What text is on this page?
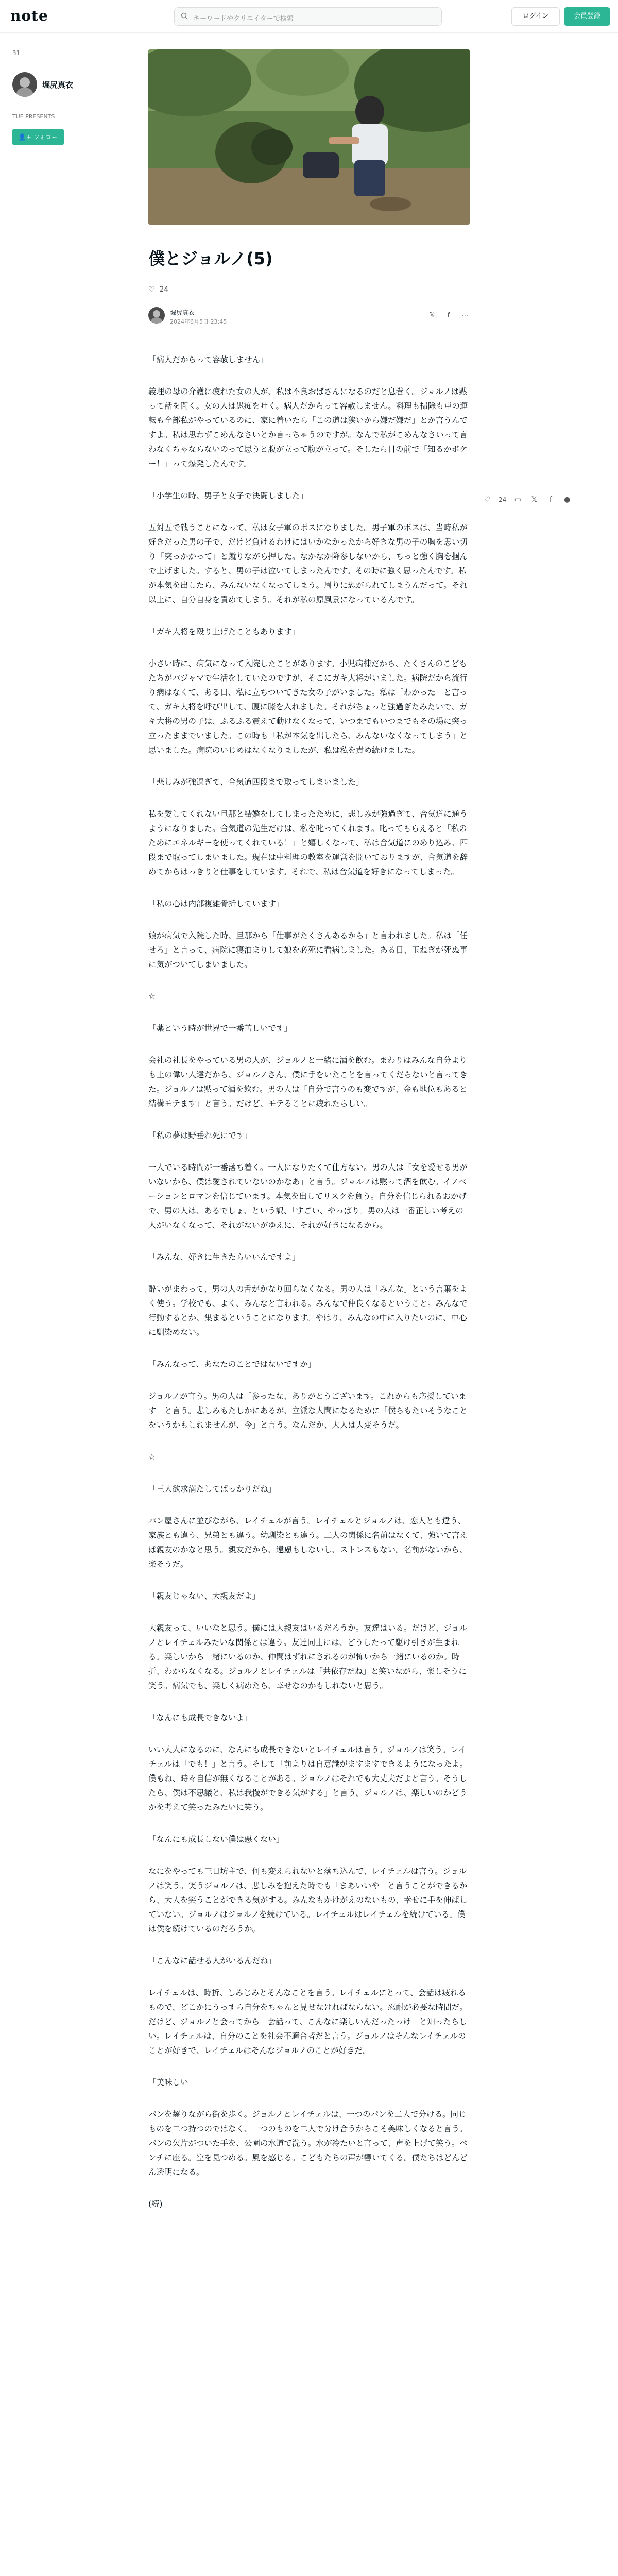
note	キーワードやクリエイターで検索	ログイン	会員登録
31
堀尻真衣
TUE PRESENTS
👤+ フォロー
僕とジョルノ(5)
♡ 24
堀尻真衣
2024年6月5日 23:45
𝕏	f	⋯
♡	24 ▭	𝕏	f	●

「病人だからって容赦しません」

義理の母の介護に疲れた女の人が、私は不良おばさんになるのだと息巻く。ジョルノは黙って話を聞く。女の人は愚痴を吐く。病人だからって容赦しません。料理も掃除も車の運転も全部私がやっているのに、家に着いたら「この道は狭いから嫌だ嫌だ」とか言うんですよ。私は思わずこめんなさいとか言っちゃうのですが。なんで私がこめんなさいって言わなくちゃならないのって思うと腹が立って腹が立って。そしたら目の前で「知るかボケー！」って爆発したんです。

「小学生の時、男子と女子で決闘しました」

五対五で戦うことになって、私は女子軍のボスになりました。男子軍のボスは、当時私が好きだった男の子で、だけど負けるわけにはいかなかったから好きな男の子の胸を思い切り「突っかかって」と蹴りながら押した。なかなか降参しないから、ちっと強く胸を掴んで上げました。すると、男の子は泣いてしまったんです。その時に強く思ったんです。私が本気を出したら、みんないなくなってしまう。周りに恐がられてしまうんだって。それ以上に、自分自身を責めてしまう。それが私の原風景になっているんです。

「ガキ大将を殴り上げたこともあります」

小さい時に、病気になって入院したことがあります。小児病棟だから、たくさんのこどもたちがパジャマで生活をしていたのですが、そこにガキ大将がいました。病院だから流行り病はなくて、ある日、私に立ちついてきた女の子がいました。私は「わかった」と言って、ガキ大将を呼び出して、腹に膝を入れました。それがちょっと強過ぎたみたいで、ガキ大将の男の子は、ふるふる震えて動けなくなって、いつまでもいつまでもその場に突っ立ったままでいました。この時も「私が本気を出したら、みんないなくなってしまう」と思いました。病院のいじめはなくなりましたが、私は私を責め続けました。

「悲しみが強過ぎて、合気道四段まで取ってしまいました」

私を愛してくれない旦那と結婚をしてしまったために、悲しみが強過ぎて、合気道に通うようになりました。合気道の先生だけは、私を叱ってくれます。叱ってもらえると「私のためにエネルギーを使ってくれている！」と嬉しくなって、私は合気道にのめり込み、四段まで取ってしまいました。現在は中料理の教室を運営を開いておりますが、合気道を辞めてからはっきりと仕事をしています。それで、私は合気道を好きになってしまった。

「私の心は内部複雑骨折しています」

娘が病気で入院した時、旦那から「仕事がたくさんあるから」と言われました。私は「任せろ」と言って、病院に寝泊まりして娘を必死に看病しました。ある日、玉ねぎが死ぬ事に気がついてしまいました。

☆

「薬という時が世界で一番苦しいです」

会社の社長をやっている男の人が、ジョルノと一緒に酒を飲む。まわりはみんな自分よりも上の偉い人達だから、ジョルノさん、僕に手をいたことを言ってくだらないと言ってきた。ジョルノは黙って酒を飲む。男の人は「自分で言うのも変ですが、金も地位もあると結構モテます」と言う。だけど、モテることに疲れたらしい。

「私の夢は野垂れ死にです」

一人でいる時間が一番落ち着く。一人になりたくて仕方ない。男の人は「女を愛せる男がいないから、僕は愛されていないのかなあ」と言う。ジョルノは黙って酒を飲む。イノベーションとロマンを信じています。本気を出してリスクを負う。自分を信じられるおかげで、男の人は、あるでしょ、という訳、「すごい、やっぱり。男の人は一番正しい考えの人がいなくなって、それがないがゆえに、それが好きになるから。

「みんな、好きに生きたらいいんですよ」

酔いがまわって、男の人の舌がかなり回らなくなる。男の人は「みんな」という言葉をよく使う。学校でも、よく、みんなと言われる。みんなで仲良くなるということ。みんなで行動するとか、集まるということになります。やはり、みんなの中に入りたいのに、中心に馴染めない。

「みんなって、あなたのことではないですか」

ジョルノが言う。男の人は「参ったな、ありがとうございます。これからも応援しています」と言う。悲しみもたしかにあるが、立派な人間になるために「僕らもたいそうなことをいうかもしれませんが、今」と言う。なんだか、大人は大変そうだ。

☆

「三大欲求満たしてばっかりだね」

パン屋さんに並びながら、レイチェルが言う。レイチェルとジョルノは、恋人とも違う、家族とも違う、兄弟とも違う。幼馴染とも違う。二人の関係に名前はなくて、強いて言えば親友のかなと思う。親友だから、遠慮もしないし、ストレスもない。名前がないから、楽そうだ。

「親友じゃない、大親友だよ」

大親友って、いいなと思う。僕には大親友はいるだろうか。友達はいる。だけど、ジョルノとレイチェルみたいな関係とは違う。友達同士には、どうしたって駆け引きが生まれる。楽しいから一緒にいるのか、仲間はずれにされるのが怖いから一緒にいるのか。時折、わからなくなる。ジョルノとレイチェルは「共依存だね」と笑いながら、楽しそうに笑う。病気でも、楽しく病めたら、幸せなのかもしれないと思う。

「なんにも成長できないよ」

いい大人になるのに、なんにも成長できないとレイチェルは言う。ジョルノは笑う。レイチェルは「でも！」と言う。そして「前よりは自意識がますますできるようになったよ。僕もね、時々自信が無くなることがある。ジョルノはそれでも大丈夫だよと言う。そうしたら、僕は不思議と、私は我慢ができる気がする」と言う。ジョルノは、楽しいのかどうかを考えて笑ったみたいに笑う。

「なんにも成長しない僕は悪くない」

なにをやっても三日坊主で、何も変えられないと落ち込んで、レイチェルは言う。ジョルノは笑う。笑うジョルノは、悲しみを抱えた時でも「まあいいや」と言うことができるから、大人を笑うことができる気がする。みんなもかけがえのないもの、幸せに手を伸ばしていない。ジョルノはジョルノを続けている。レイチェルはレイチェルを続けている。僕は僕を続けているのだろうか。

「こんなに話せる人がいるんだね」

レイチェルは、時折、しみじみとそんなことを言う。レイチェルにとって、会話は疲れるもので、どこかにうっすら自分をちゃんと見せなければならない。忍耐が必要な時間だ。だけど、ジョルノと会ってから「会話って、こんなに楽しいんだったっけ」と知ったらしい。レイチェルは、自分のことを社会不適合者だと言う。ジョルノはそんなレイチェルのことが好きで、レイチェルはそんなジョルノのことが好きだ。

「美味しい」

パンを齧りながら街を歩く。ジョルノとレイチェルは、一つのパンを二人で分ける。同じものを二つ持つのではなく、一つのものを二人で分け合うからこそ美味しくなると言う。パンの欠片がついた手を、公園の水道で洗う。水が冷たいと言って、声を上げて笑う。ベンチに座る。空を見つめる。風を感じる。こどもたちの声が響いてくる。僕たちはどんどん透明になる。

(続)
